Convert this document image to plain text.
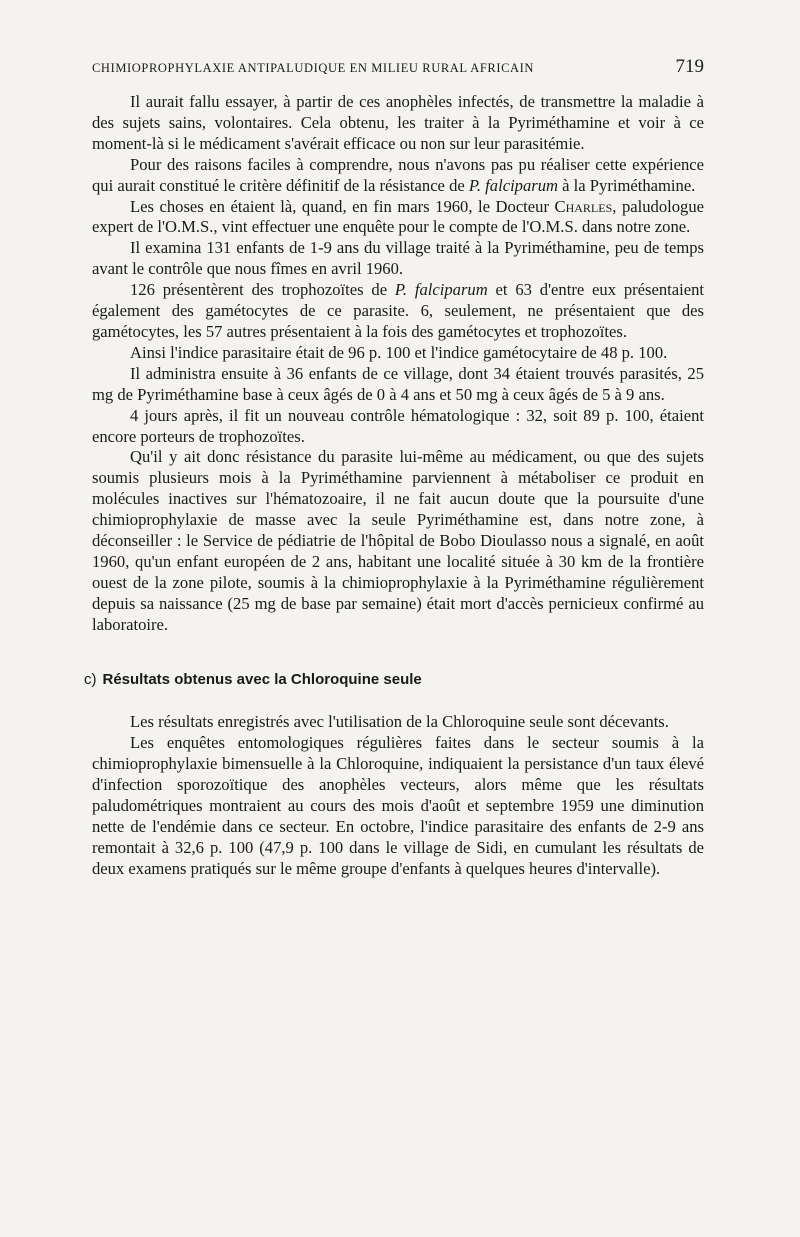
CHIMIOPROPHYLAXIE ANTIPALUDIQUE EN MILIEU RURAL AFRICAIN	719

Il aurait fallu essayer, à partir de ces anophèles infectés, de transmettre la maladie à des sujets sains, volontaires. Cela obtenu, les traiter à la Pyriméthamine et voir à ce moment-là si le médicament s'avérait efficace ou non sur leur parasitémie.

Pour des raisons faciles à comprendre, nous n'avons pas pu réaliser cette expérience qui aurait constitué le critère définitif de la résistance de P. falciparum à la Pyriméthamine.

Les choses en étaient là, quand, en fin mars 1960, le Docteur Charles, paludologue expert de l'O.M.S., vint effectuer une enquête pour le compte de l'O.M.S. dans notre zone.

Il examina 131 enfants de 1-9 ans du village traité à la Pyriméthamine, peu de temps avant le contrôle que nous fîmes en avril 1960.

126 présentèrent des trophozoïtes de P. falciparum et 63 d'entre eux présentaient également des gamétocytes de ce parasite. 6, seulement, ne présentaient que des gamétocytes, les 57 autres présentaient à la fois des gamétocytes et trophozoïtes.

Ainsi l'indice parasitaire était de 96 p. 100 et l'indice gamétocytaire de 48 p. 100.

Il administra ensuite à 36 enfants de ce village, dont 34 étaient trouvés parasités, 25 mg de Pyriméthamine base à ceux âgés de 0 à 4 ans et 50 mg à ceux âgés de 5 à 9 ans.

4 jours après, il fit un nouveau contrôle hématologique : 32, soit 89 p. 100, étaient encore porteurs de trophozoïtes.

Qu'il y ait donc résistance du parasite lui-même au médicament, ou que des sujets soumis plusieurs mois à la Pyriméthamine parviennent à métaboliser ce produit en molécules inactives sur l'hématozoaire, il ne fait aucun doute que la poursuite d'une chimioprophylaxie de masse avec la seule Pyriméthamine est, dans notre zone, à déconseiller : le Service de pédiatrie de l'hôpital de Bobo Dioulasso nous a signalé, en août 1960, qu'un enfant européen de 2 ans, habitant une localité située à 30 km de la frontière ouest de la zone pilote, soumis à la chimioprophylaxie à la Pyriméthamine régulièrement depuis sa naissance (25 mg de base par semaine) était mort d'accès pernicieux confirmé au laboratoire.

c) Résultats obtenus avec la Chloroquine seule

Les résultats enregistrés avec l'utilisation de la Chloroquine seule sont décevants.

Les enquêtes entomologiques régulières faites dans le secteur soumis à la chimioprophylaxie bimensuelle à la Chloroquine, indiquaient la persistance d'un taux élevé d'infection sporozoïtique des anophèles vecteurs, alors même que les résultats paludométriques montraient au cours des mois d'août et septembre 1959 une diminution nette de l'endémie dans ce secteur. En octobre, l'indice parasitaire des enfants de 2-9 ans remontait à 32,6 p. 100 (47,9 p. 100 dans le village de Sidi, en cumulant les résultats de deux examens pratiqués sur le même groupe d'enfants à quelques heures d'intervalle).
